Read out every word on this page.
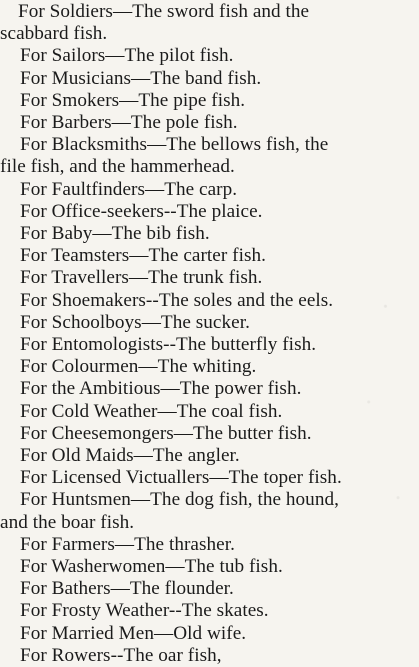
For Soldiers—The sword fish and the
scabbard fish.
For Sailors—The pilot fish.
For Musicians—The band fish.
For Smokers—The pipe fish.
For Barbers—The pole fish.
For Blacksmiths—The bellows fish, the
file fish, and the hammerhead.
For Faultfinders—The carp.
For Office-seekers--The plaice.
For Baby—The bib fish.
For Teamsters—The carter fish.
For Travellers—The trunk fish.
For Shoemakers--The soles and the eels.
For Schoolboys—The sucker.
For Entomologists--The butterfly fish.
For Colourmen—The whiting.
For the Ambitious—The power fish.
For Cold Weather—The coal fish.
For Cheesemongers—The butter fish.
For Old Maids—The angler.
For Licensed Victuallers—The toper fish.
For Huntsmen—The dog fish, the hound,
and the boar fish.
For Farmers—The thrasher.
For Washerwomen—The tub fish.
For Bathers—The flounder.
For Frosty Weather--The skates.
For Married Men—Old wife.
For Rowers--The oar fish,
